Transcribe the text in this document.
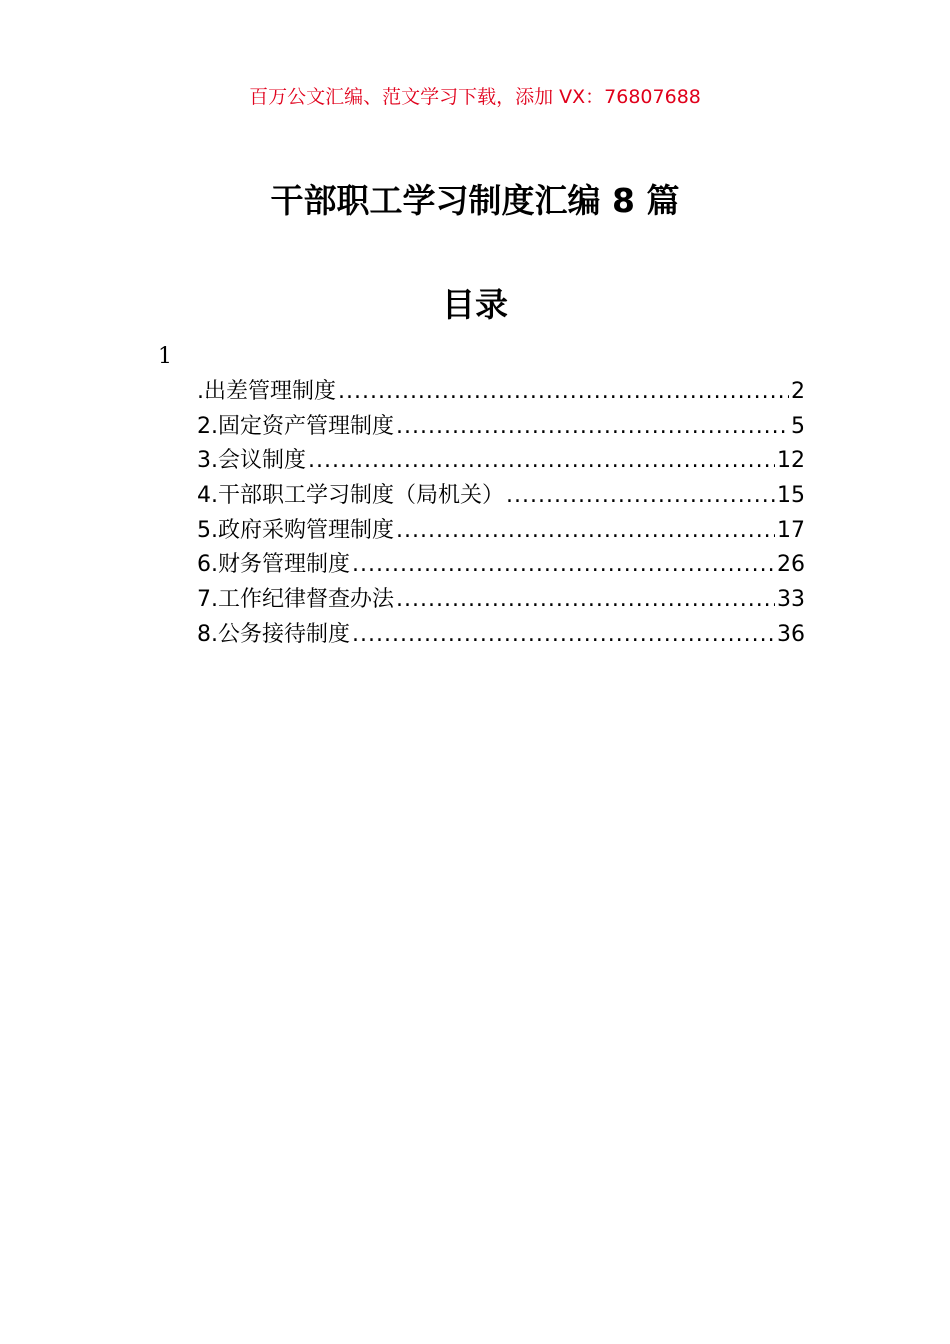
百万公文汇编、范文学习下载，添加 VX：76807688
干部职工学习制度汇编 8 篇
目录
1
.出差管理制度 .....	2
2.固定资产管理制度 .....	5
3.会议制度 .....	12
4.干部职工学习制度（局机关） .....	15
5.政府采购管理制度 .....	17
6.财务管理制度 .....	26
7.工作纪律督查办法 .....	33
8.公务接待制度 .....	36
